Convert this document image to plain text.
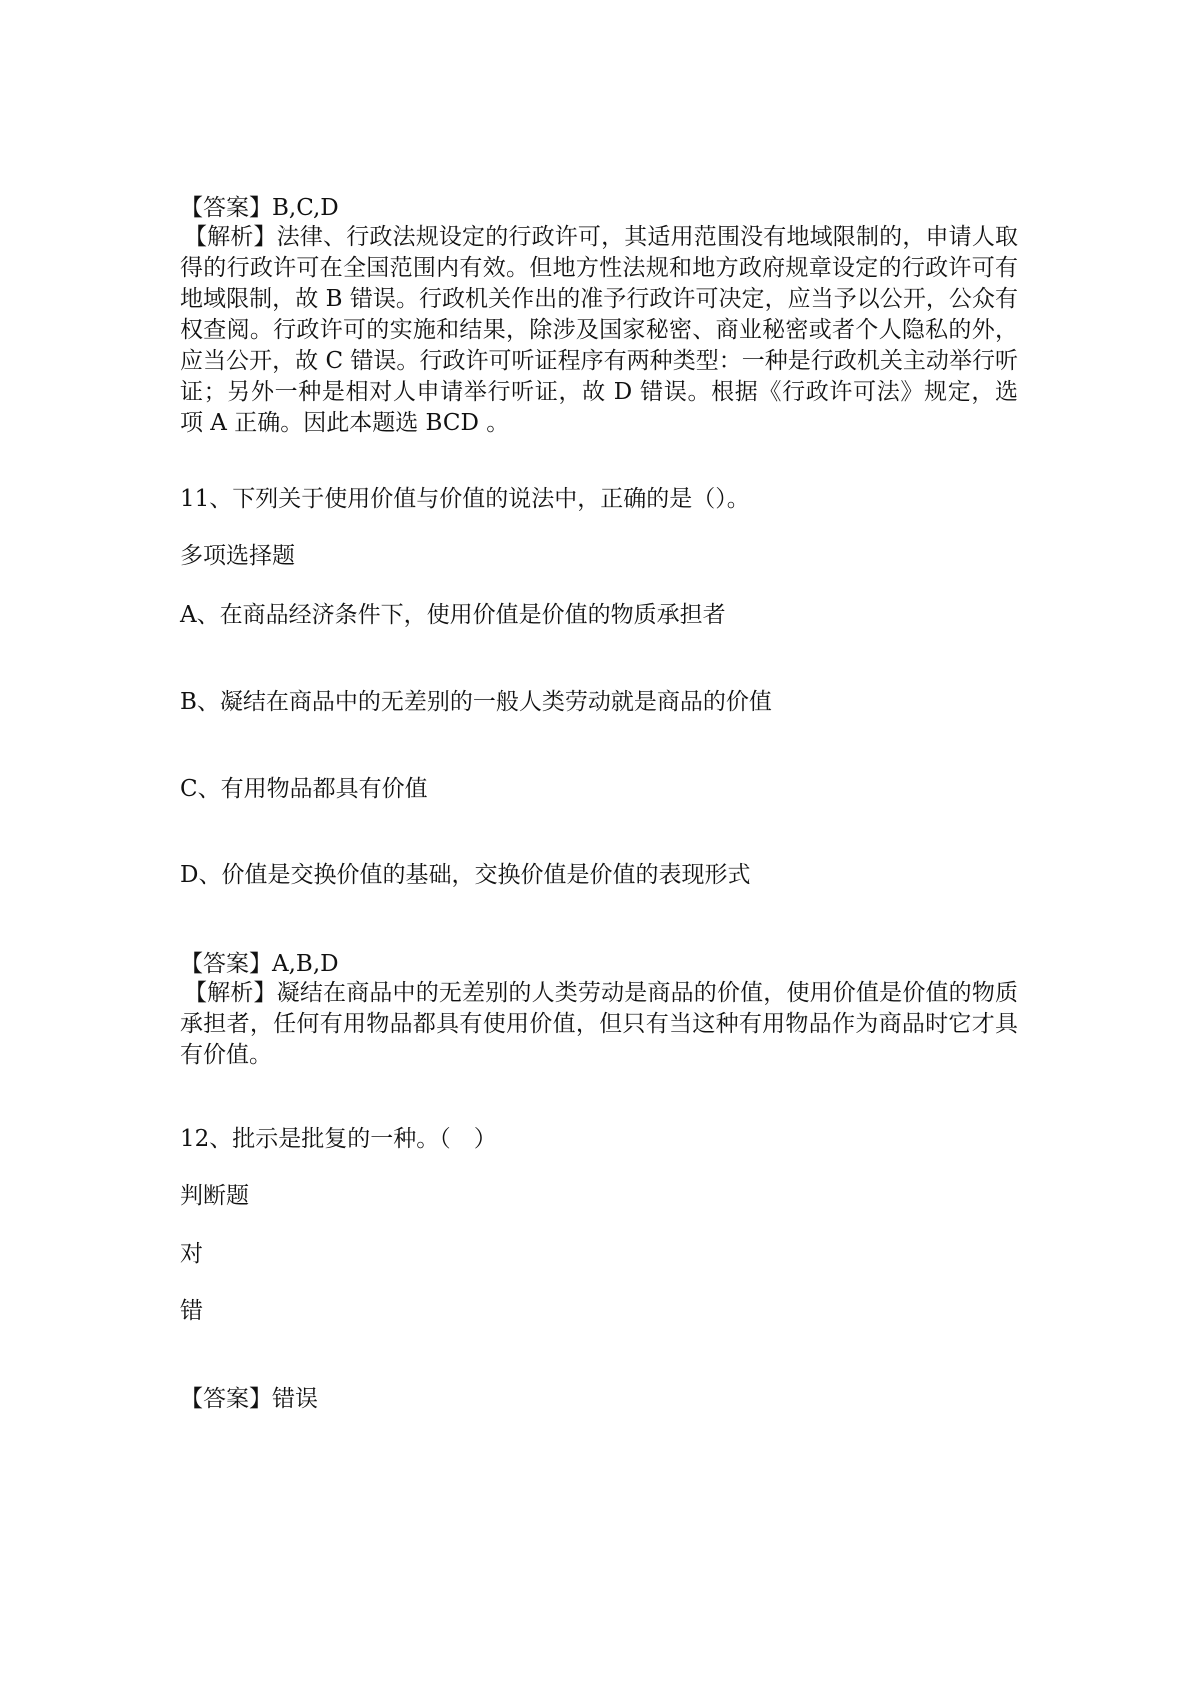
【答案】B,C,D
【解析】法律、行政法规设定的行政许可，其适用范围没有地域限制的，申请人取得的行政许可在全国范围内有效。但地方性法规和地方政府规章设定的行政许可有地域限制，故 B 错误。行政机关作出的准予行政许可决定，应当予以公开，公众有权查阅。行政许可的实施和结果，除涉及国家秘密、商业秘密或者个人隐私的外，应当公开，故 C 错误。行政许可听证程序有两种类型：一种是行政机关主动举行听证；另外一种是相对人申请举行听证，故 D 错误。根据《行政许可法》规定，选项 A 正确。因此本题选 BCD 。
11、下列关于使用价值与价值的说法中，正确的是（）。
多项选择题
A、在商品经济条件下，使用价值是价值的物质承担者
B、凝结在商品中的无差别的一般人类劳动就是商品的价值
C、有用物品都具有价值
D、价值是交换价值的基础，交换价值是价值的表现形式
【答案】A,B,D
【解析】凝结在商品中的无差别的人类劳动是商品的价值，使用价值是价值的物质承担者，任何有用物品都具有使用价值，但只有当这种有用物品作为商品时它才具有价值。
12、批示是批复的一种。（　）
判断题
对
错
【答案】错误
